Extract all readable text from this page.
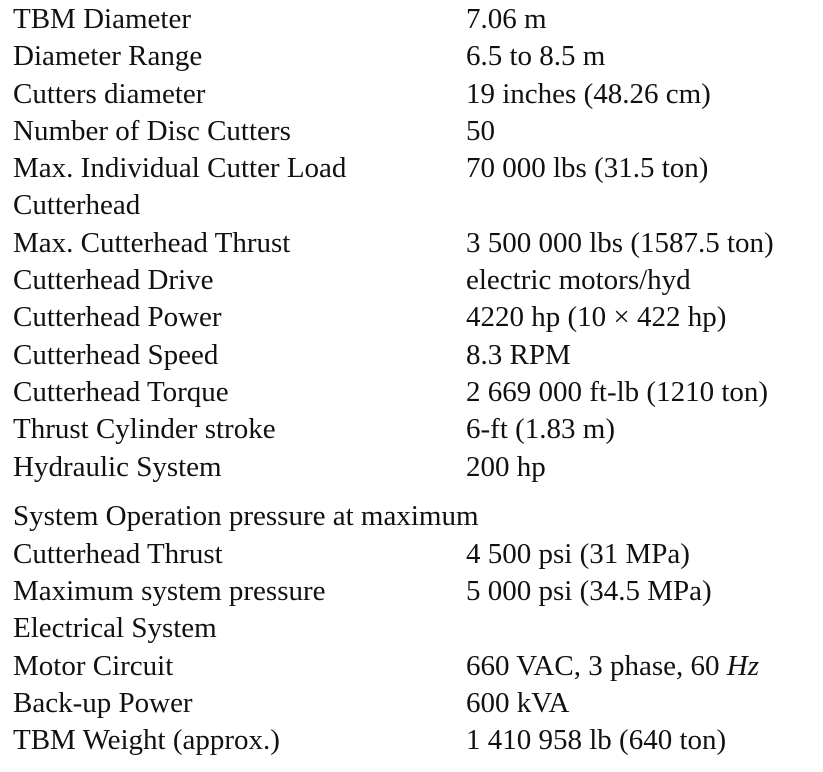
TBM Diameter	7.06 m
Diameter Range	6.5 to 8.5 m
Cutters diameter	19 inches (48.26 cm)
Number of Disc Cutters	50
Max. Individual Cutter Load	70 000 lbs (31.5 ton)
Cutterhead
Max. Cutterhead Thrust	3 500 000 lbs (1587.5 ton)
Cutterhead Drive	electric motors/hyd
Cutterhead Power	4220 hp (10 × 422 hp)
Cutterhead Speed	8.3 RPM
Cutterhead Torque	2 669 000 ft-lb (1210 ton)
Thrust Cylinder stroke	6-ft (1.83 m)
Hydraulic System	200 hp
System Operation pressure at maximum
Cutterhead Thrust	4 500 psi (31 MPa)
Maximum system pressure	5 000 psi (34.5 MPa)
Electrical System
Motor Circuit	660 VAC, 3 phase, 60 Hz
Back-up Power	600 kVA
TBM Weight (approx.)	1 410 958 lb (640 ton)
